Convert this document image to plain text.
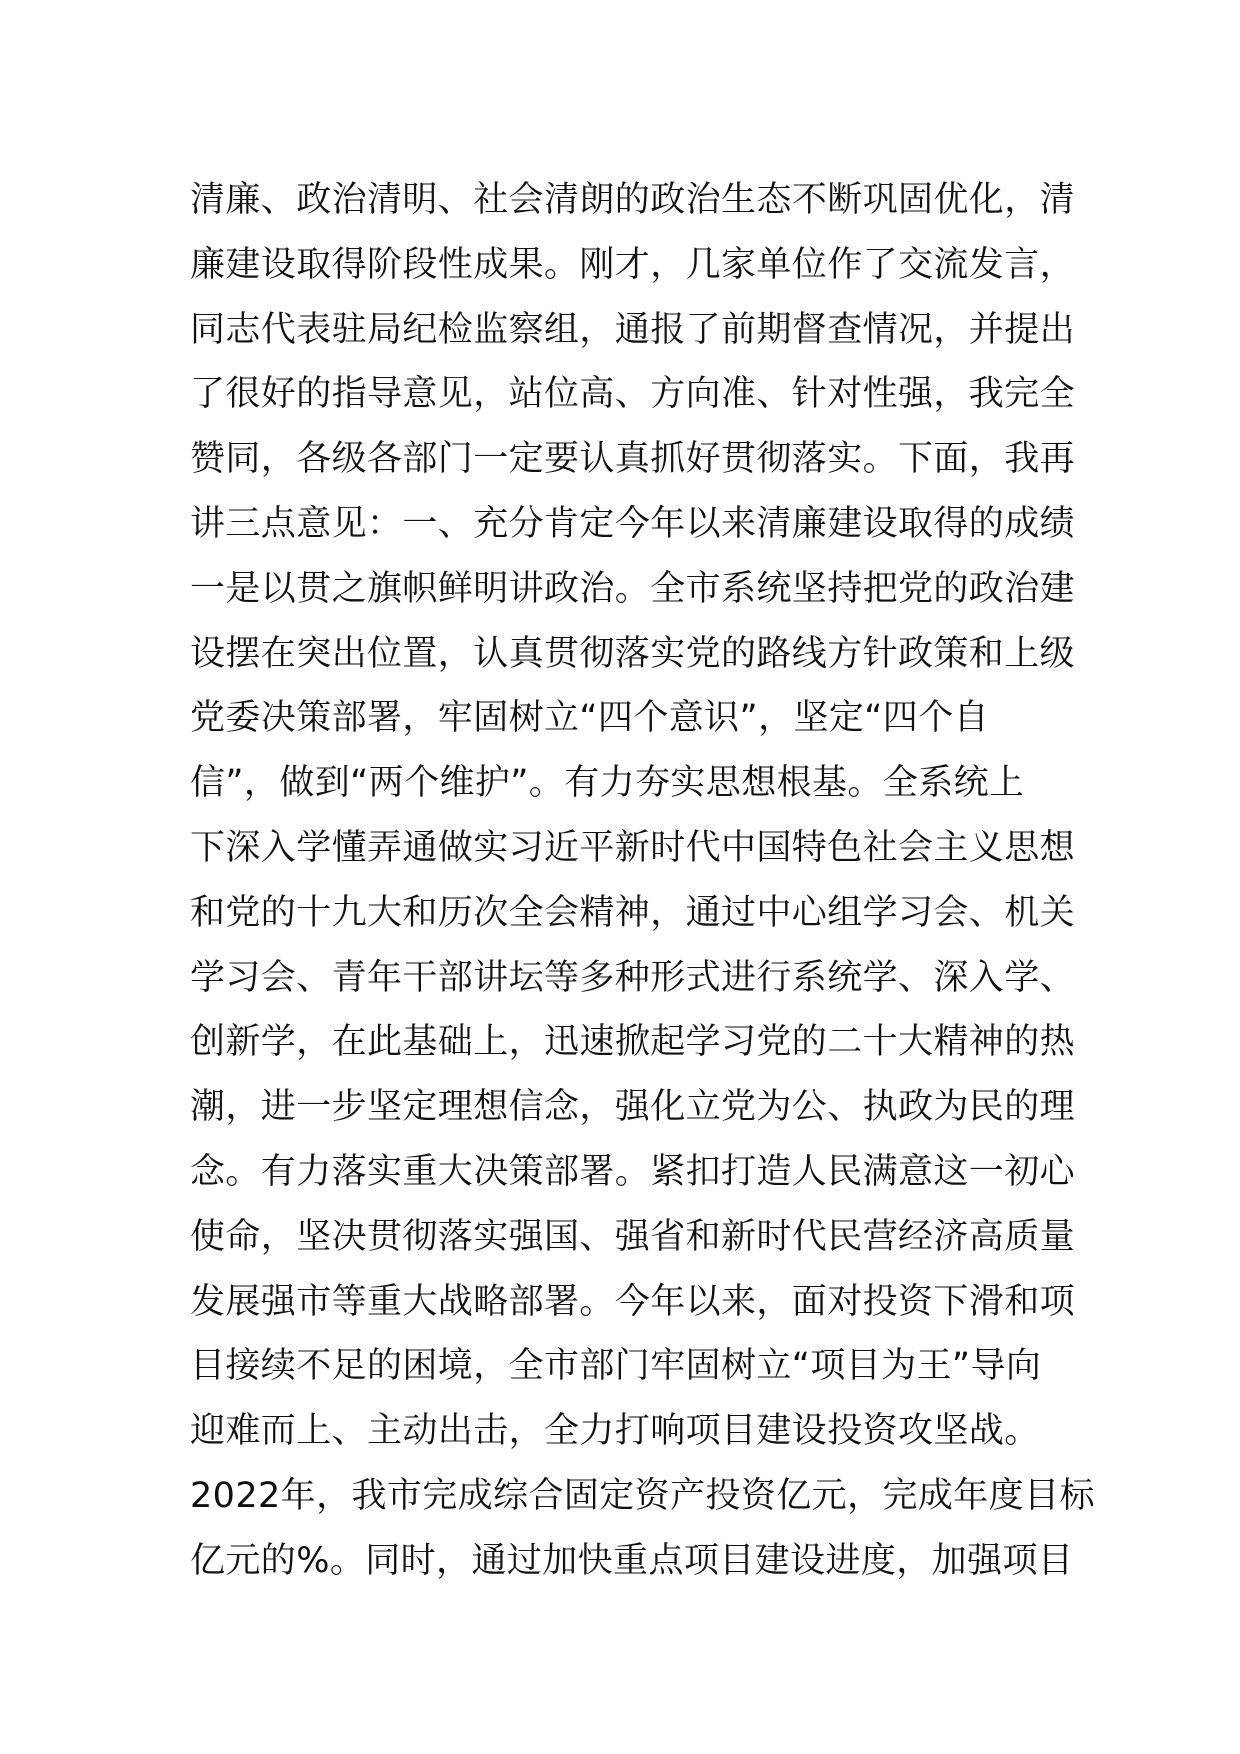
清廉、政治清明、社会清朗的政治生态不断巩固优化，清
廉建设取得阶段性成果。刚才，几家单位作了交流发言，
同志代表驻局纪检监察组，通报了前期督查情况，并提出
了很好的指导意见，站位高、方向准、针对性强，我完全
赞同，各级各部门一定要认真抓好贯彻落实。下面，我再
讲三点意见：一、充分肯定今年以来清廉建设取得的成绩
一是以贯之旗帜鲜明讲政治。全市系统坚持把党的政治建
设摆在突出位置，认真贯彻落实党的路线方针政策和上级
党委决策部署，牢固树立“四个意识”，坚定“四个自
信”，做到“两个维护”。有力夯实思想根基。全系统上
下深入学懂弄通做实习近平新时代中国特色社会主义思想
和党的十九大和历次全会精神，通过中心组学习会、机关
学习会、青年干部讲坛等多种形式进行系统学、深入学、
创新学，在此基础上，迅速掀起学习党的二十大精神的热
潮，进一步坚定理想信念，强化立党为公、执政为民的理
念。有力落实重大决策部署。紧扣打造人民满意这一初心
使命，坚决贯彻落实强国、强省和新时代民营经济高质量
发展强市等重大战略部署。今年以来，面对投资下滑和项
目接续不足的困境，全市部门牢固树立“项目为王”导向
迎难而上、主动出击，全力打响项目建设投资攻坚战。
2022年，我市完成综合固定资产投资亿元，完成年度目标
亿元的%。同时，通过加快重点项目建设进度，加强项目
